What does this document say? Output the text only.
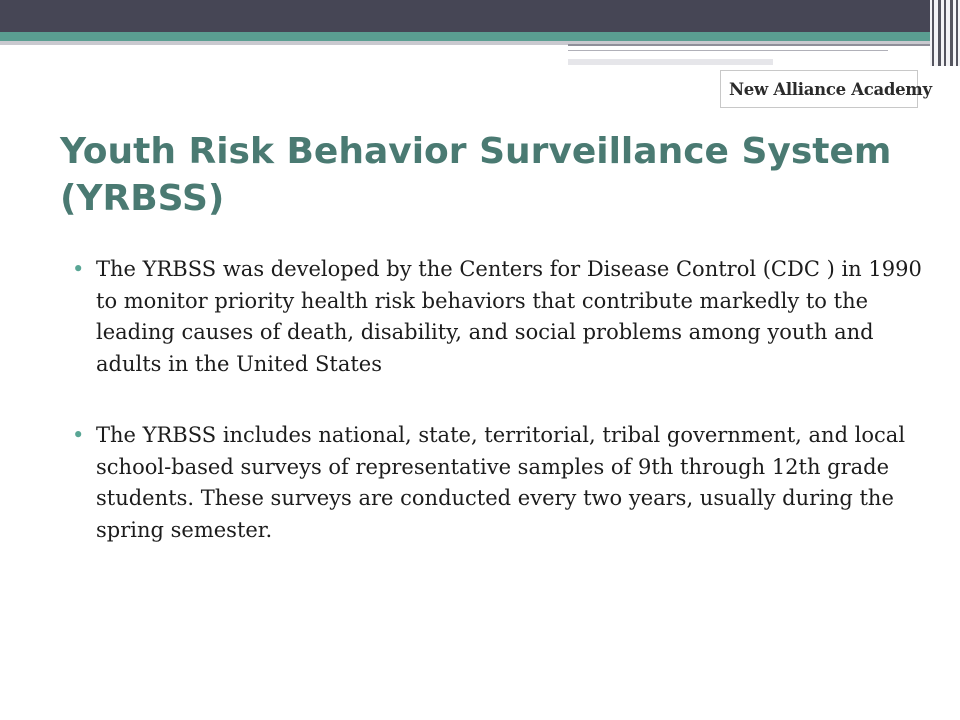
New Alliance Academy
Youth Risk Behavior Surveillance System (YRBSS)
• The YRBSS was developed by the Centers for Disease Control (CDC ) in 1990 to monitor priority health risk behaviors that contribute markedly to the leading causes of death, disability, and social problems among youth and adults in the United States
• The YRBSS includes national, state, territorial, tribal government, and local school-based surveys of representative samples of 9th through 12th grade students. These surveys are conducted every two years, usually during the spring semester.
